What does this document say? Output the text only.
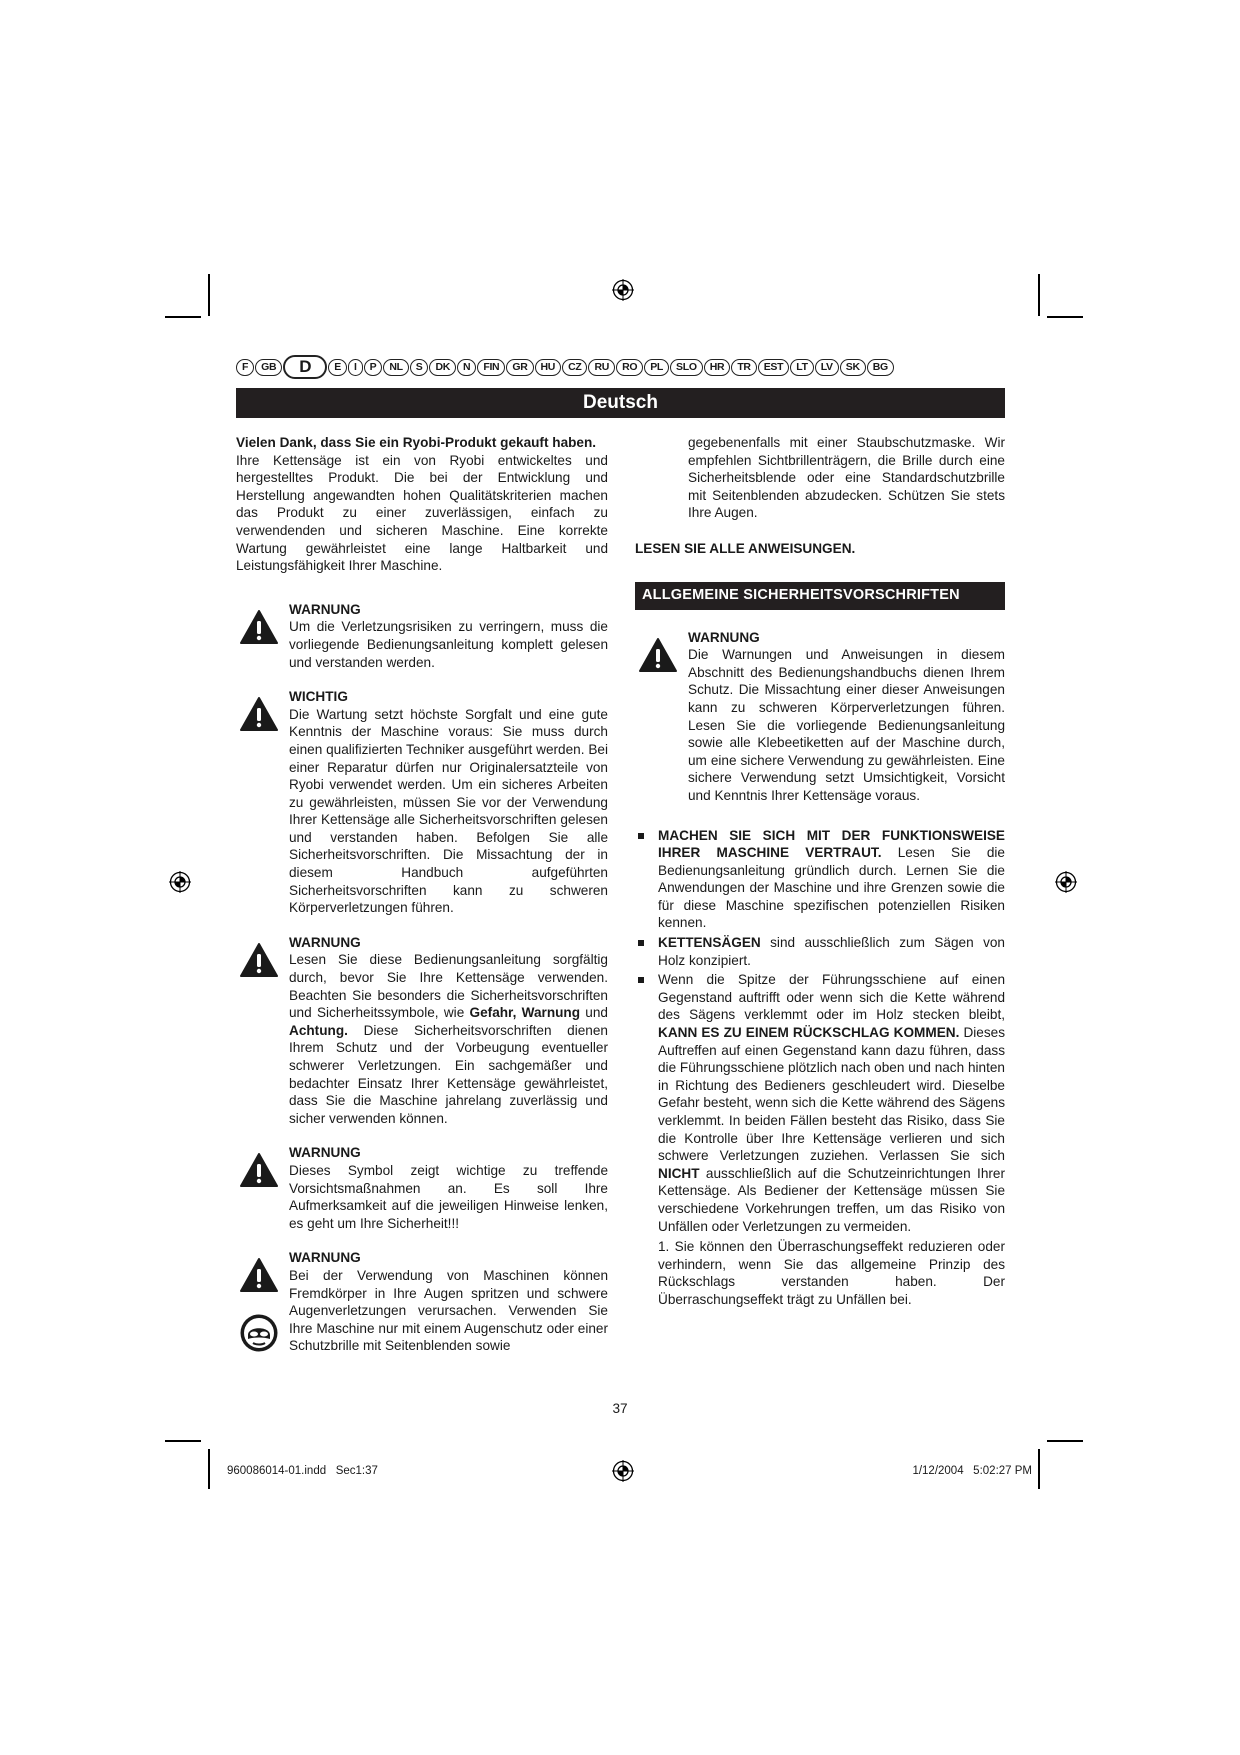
F	GB	D	E	I	P	NL	S	DK	N	FIN	GR	HU	CZ	RU	RO	PL	SLO	HR	TR	EST	LT	LV	SK	BG
Deutsch

Vielen Dank, dass Sie ein Ryobi-Produkt gekauft haben.

Ihre Kettensäge ist ein von Ryobi entwickeltes und hergestelltes Produkt. Die bei der Entwicklung und Herstellung angewandten hohen Qualitätskriterien machen das Produkt zu einer zuverlässigen, einfach zu verwendenden und sicheren Maschine. Eine korrekte Wartung gewährleistet eine lange Haltbarkeit und Leistungsfähigkeit Ihrer Maschine.

WARNUNG

Um die Verletzungsrisiken zu verringern, muss die vorliegende Bedienungsanleitung komplett gelesen und verstanden werden.

WICHTIG

Die Wartung setzt höchste Sorgfalt und eine gute Kenntnis der Maschine voraus: Sie muss durch einen qualifizierten Techniker ausgeführt werden. Bei einer Reparatur dürfen nur Originalersatzteile von Ryobi verwendet werden. Um ein sicheres Arbeiten zu gewährleisten, müssen Sie vor der Verwendung Ihrer Kettensäge alle Sicherheitsvorschriften gelesen und verstanden haben. Befolgen Sie alle Sicherheitsvorschriften. Die Missachtung der in diesem Handbuch aufgeführten Sicherheitsvorschriften kann zu schweren Körperverletzungen führen.

WARNUNG

Lesen Sie diese Bedienungsanleitung sorgfältig durch, bevor Sie Ihre Kettensäge verwenden. Beachten Sie besonders die Sicherheitsvorschriften und Sicherheitssymbole, wie Gefahr, Warnung und Achtung. Diese Sicherheitsvorschriften dienen Ihrem Schutz und der Vorbeugung eventueller schwerer Verletzungen. Ein sachgemäßer und bedachter Einsatz Ihrer Kettensäge gewährleistet, dass Sie die Maschine jahrelang zuverlässig und sicher verwenden können.

WARNUNG

Dieses Symbol zeigt wichtige zu treffende Vorsichtsmaßnahmen an. Es soll Ihre Aufmerksamkeit auf die jeweiligen Hinweise lenken, es geht um Ihre Sicherheit!!!

WARNUNG

Bei der Verwendung von Maschinen können Fremdkörper in Ihre Augen spritzen und schwere Augenverletzungen verursachen. Verwenden Sie Ihre Maschine nur mit einem Augenschutz oder einer Schutzbrille mit Seitenblenden sowie

gegebenenfalls mit einer Staubschutzmaske. Wir empfehlen Sichtbrillenträgern, die Brille durch eine Sicherheitsblende oder eine Standardschutzbrille mit Seitenblenden abzudecken. Schützen Sie stets Ihre Augen.

LESEN SIE ALLE ANWEISUNGEN.

ALLGEMEINE SICHERHEITSVORSCHRIFTEN

WARNUNG

Die Warnungen und Anweisungen in diesem Abschnitt des Bedienungshandbuchs dienen Ihrem Schutz. Die Missachtung einer dieser Anweisungen kann zu schweren Körperverletzungen führen. Lesen Sie die vorliegende Bedienungsanleitung sowie alle Klebeetiketten auf der Maschine durch, um eine sichere Verwendung zu gewährleisten. Eine sichere Verwendung setzt Umsichtigkeit, Vorsicht und Kenntnis Ihrer Kettensäge voraus.

MACHEN SIE SICH MIT DER FUNKTIONSWEISE IHRER MASCHINE VERTRAUT. Lesen Sie die Bedienungsanleitung gründlich durch. Lernen Sie die Anwendungen der Maschine und ihre Grenzen sowie die für diese Maschine spezifischen potenziellen Risiken kennen.

KETTENSÄGEN sind ausschließlich zum Sägen von Holz konzipiert.

Wenn die Spitze der Führungsschiene auf einen Gegenstand auftrifft oder wenn sich die Kette während des Sägens verklemmt oder im Holz stecken bleibt, KANN ES ZU EINEM RÜCKSCHLAG KOMMEN. Dieses Auftreffen auf einen Gegenstand kann dazu führen, dass die Führungsschiene plötzlich nach oben und nach hinten in Richtung des Bedieners geschleudert wird. Dieselbe Gefahr besteht, wenn sich die Kette während des Sägens verklemmt. In beiden Fällen besteht das Risiko, dass Sie die Kontrolle über Ihre Kettensäge verlieren und sich schwere Verletzungen zuziehen. Verlassen Sie sich NICHT ausschließlich auf die Schutzeinrichtungen Ihrer Kettensäge. Als Bediener der Kettensäge müssen Sie verschiedene Vorkehrungen treffen, um das Risiko von Unfällen oder Verletzungen zu vermeiden.

1. Sie können den Überraschungseffekt reduzieren oder verhindern, wenn Sie das allgemeine Prinzip des Rückschlags verstanden haben. Der Überraschungseffekt trägt zu Unfällen bei.

37
960086014-01.indd   Sec1:37	1/12/2004   5:02:27 PM
